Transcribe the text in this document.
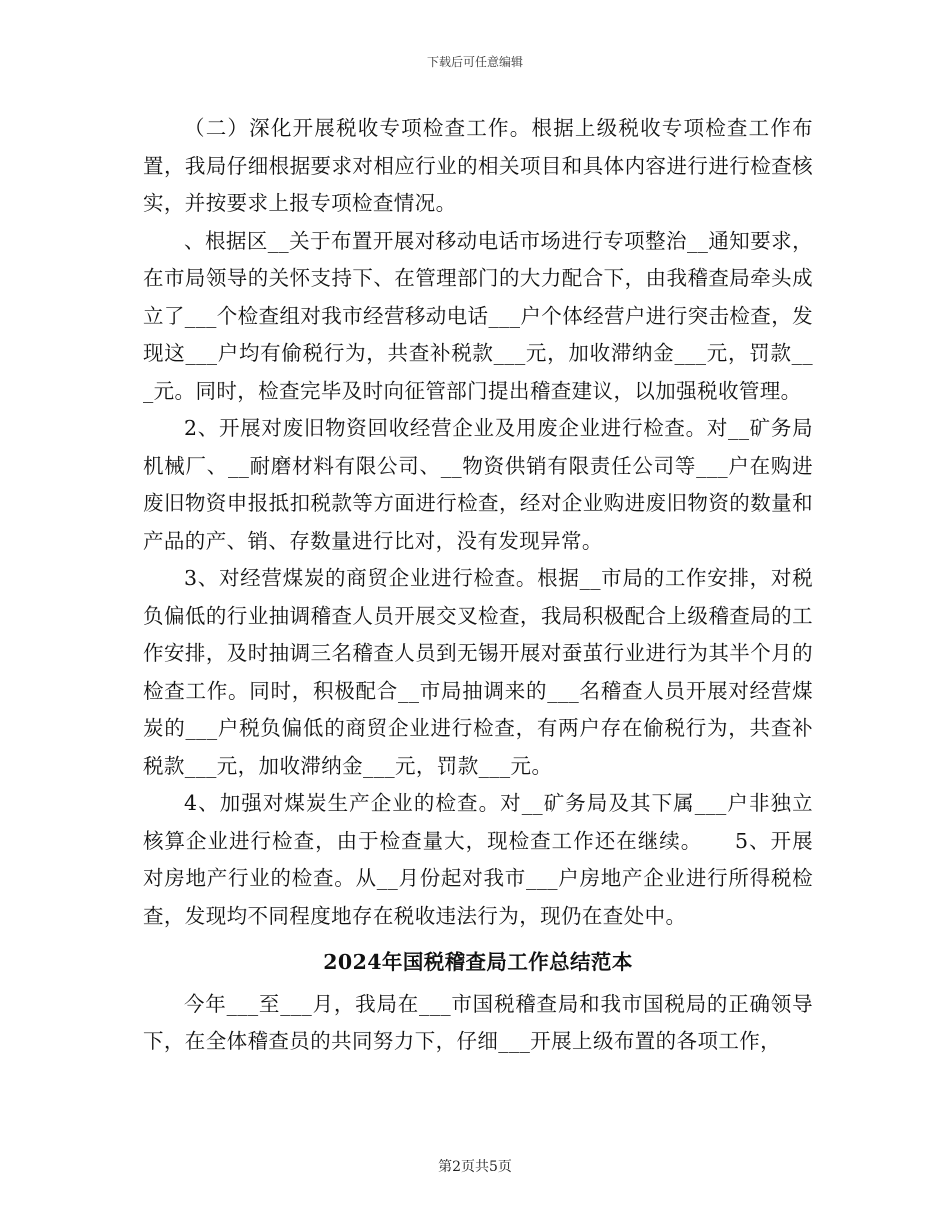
下载后可任意编辑

（二）深化开展税收专项检查工作。根据上级税收专项检查工作布置，我局仔细根据要求对相应行业的相关项目和具体内容进行进行检查核实，并按要求上报专项检查情况。

、根据区__关于布置开展对移动电话市场进行专项整治__通知要求，在市局领导的关怀支持下、在管理部门的大力配合下，由我稽查局牵头成立了___个检查组对我市经营移动电话___户个体经营户进行突击检查，发现这___户均有偷税行为，共查补税款___元，加收滞纳金___元，罚款___元。同时，检查完毕及时向征管部门提出稽查建议，以加强税收管理。

2、开展对废旧物资回收经营企业及用废企业进行检查。对__矿务局机械厂、__耐磨材料有限公司、__物资供销有限责任公司等___户在购进废旧物资申报抵扣税款等方面进行检查，经对企业购进废旧物资的数量和产品的产、销、存数量进行比对，没有发现异常。

3、对经营煤炭的商贸企业进行检查。根据__市局的工作安排，对税负偏低的行业抽调稽查人员开展交叉检查，我局积极配合上级稽查局的工作安排，及时抽调三名稽查人员到无锡开展对蚕茧行业进行为其半个月的检查工作。同时，积极配合__市局抽调来的___名稽查人员开展对经营煤炭的___户税负偏低的商贸企业进行检查，有两户存在偷税行为，共查补税款___元，加收滞纳金___元，罚款___元。

4、加强对煤炭生产企业的检查。对__矿务局及其下属___户非独立核算企业进行检查，由于检查量大，现检查工作还在继续。　　5、开展对房地产行业的检查。从__月份起对我市___户房地产企业进行所得税检查，发现均不同程度地存在税收违法行为，现仍在查处中。

2024年国税稽查局工作总结范本

今年___至___月，我局在___市国税稽查局和我市国税局的正确领导下，在全体稽查员的共同努力下，仔细___开展上级布置的各项工作，

第2页共5页
